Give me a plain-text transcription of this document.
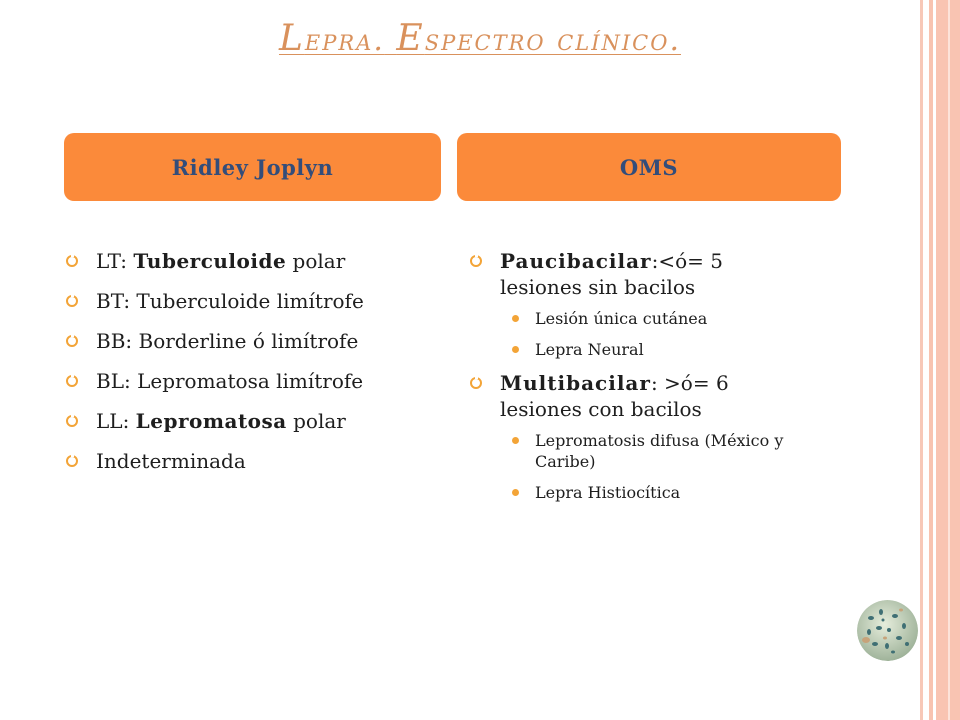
Lepra. Espectro clínico.
Ridley Joplyn	OMS
LT: Tuberculoide polar
BT: Tuberculoide limítrofe
BB: Borderline ó limítrofe
BL: Lepromatosa limítrofe
LL: Lepromatosa polar
Indeterminada
Paucibacilar:<ó= 5 lesiones sin bacilos
Lesión única cutánea
Lepra Neural
Multibacilar: >ó= 6 lesiones con bacilos
Lepromatosis difusa (México y Caribe)
Lepra Histiocítica
